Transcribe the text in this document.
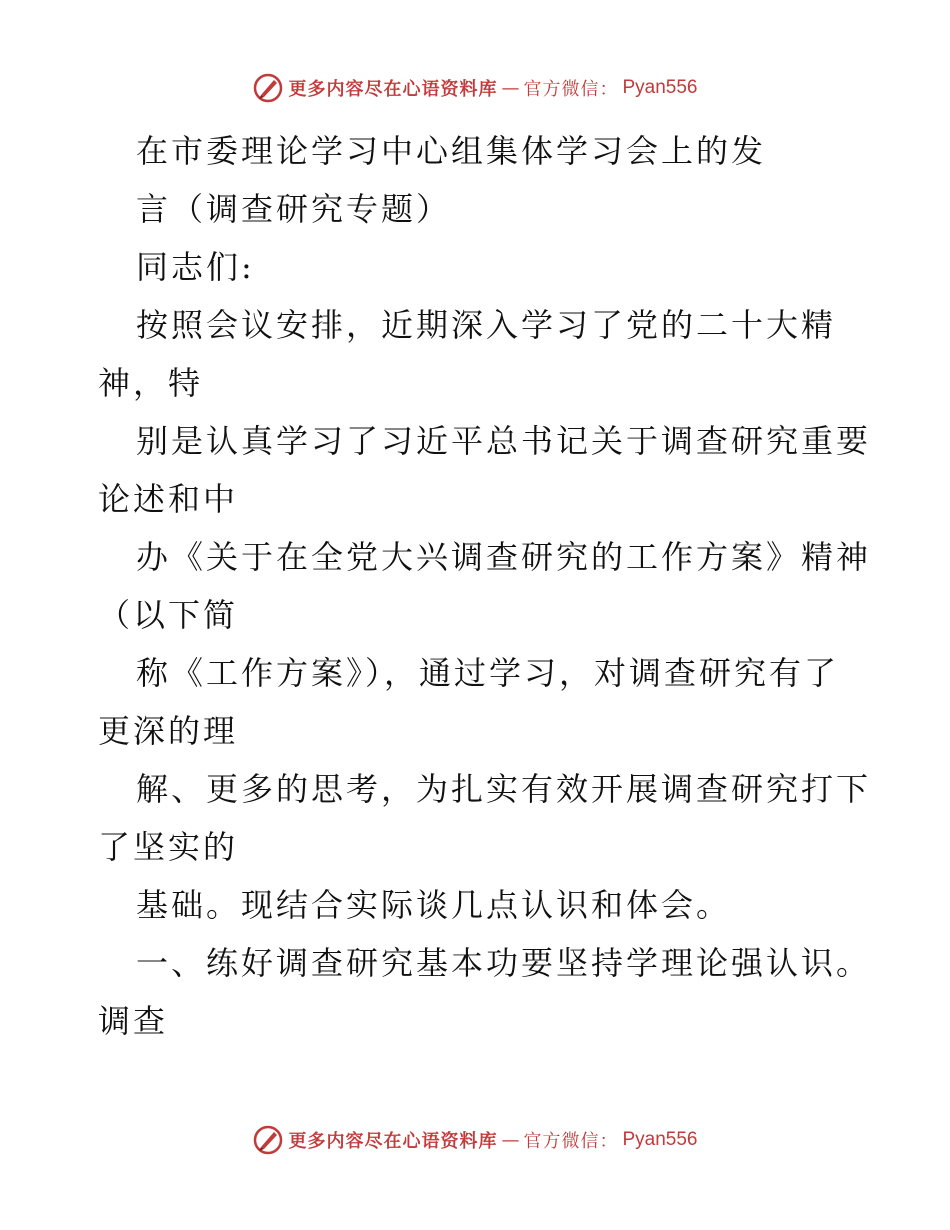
更多内容尽在心语资料库 — 官方微信： Pyan556
在市委理论学习中心组集体学习会上的发
言（调查研究专题）
同志们:
按照会议安排，近期深入学习了党的二十大精
神，特
别是认真学习了习近平总书记关于调查研究重要
论述和中
办《关于在全党大兴调查研究的工作方案》精神
（以下简
称《工作方案》），通过学习，对调查研究有了
更深的理
解、更多的思考，为扎实有效开展调查研究打下
了坚实的
基础。现结合实际谈几点认识和体会。
一、练好调查研究基本功要坚持学理论强认识。
调查
更多内容尽在心语资料库 — 官方微信： Pyan556
